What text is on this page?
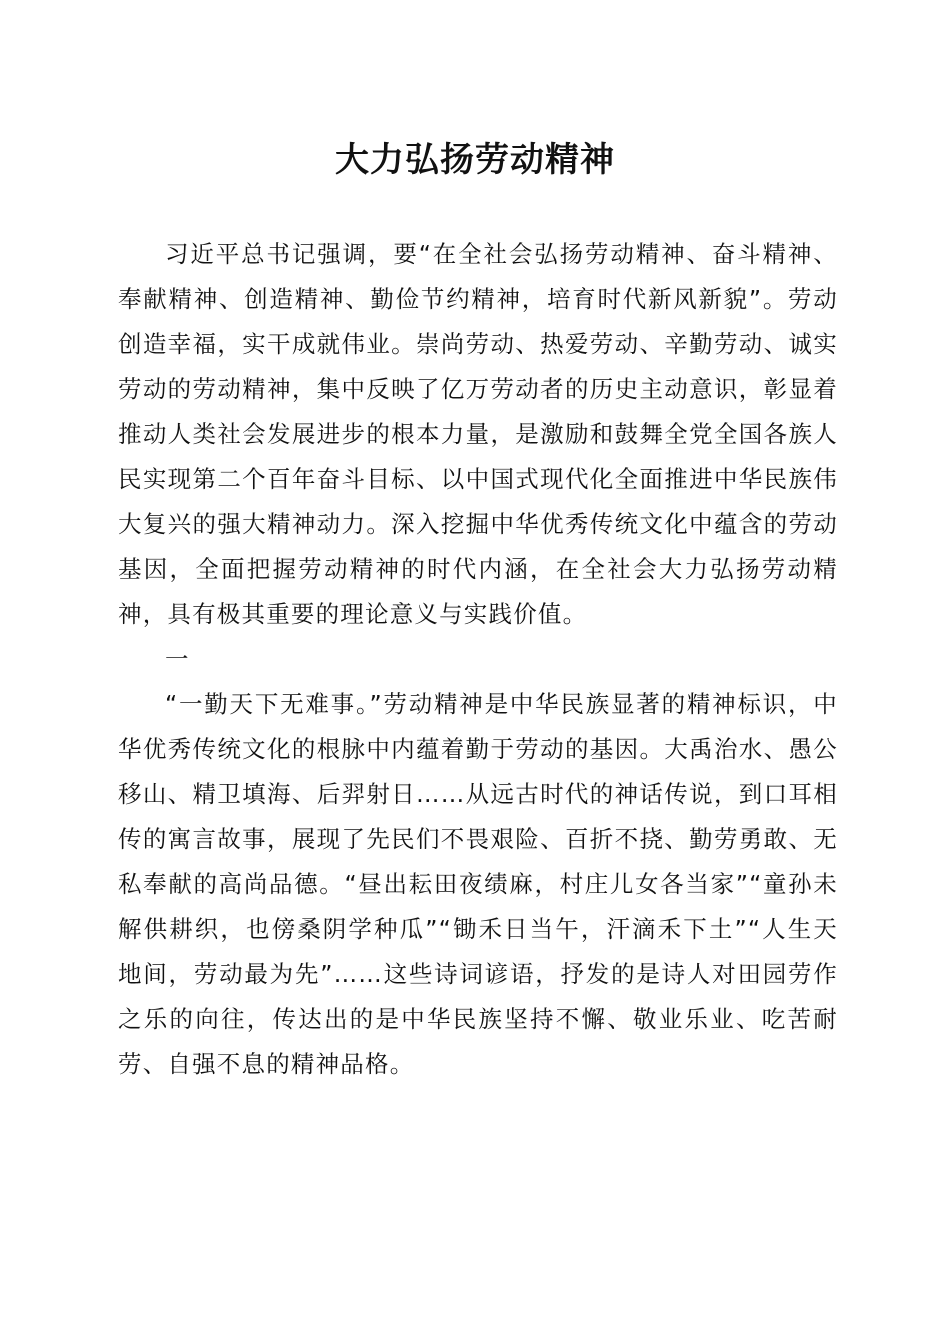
大力弘扬劳动精神

习近平总书记强调，要“在全社会弘扬劳动精神、奋斗精神、奉献精神、创造精神、勤俭节约精神，培育时代新风新貌”。劳动创造幸福，实干成就伟业。崇尚劳动、热爱劳动、辛勤劳动、诚实劳动的劳动精神，集中反映了亿万劳动者的历史主动意识，彰显着推动人类社会发展进步的根本力量，是激励和鼓舞全党全国各族人民实现第二个百年奋斗目标、以中国式现代化全面推进中华民族伟大复兴的强大精神动力。深入挖掘中华优秀传统文化中蕴含的劳动基因，全面把握劳动精神的时代内涵，在全社会大力弘扬劳动精神，具有极其重要的理论意义与实践价值。

一

“一勤天下无难事。”劳动精神是中华民族显著的精神标识，中华优秀传统文化的根脉中内蕴着勤于劳动的基因。大禹治水、愚公移山、精卫填海、后羿射日……从远古时代的神话传说，到口耳相传的寓言故事，展现了先民们不畏艰险、百折不挠、勤劳勇敢、无私奉献的高尚品德。“昼出耘田夜绩麻，村庄儿女各当家”“童孙未解供耕织，也傍桑阴学种瓜”“锄禾日当午，汗滴禾下土”“人生天地间，劳动最为先”……这些诗词谚语，抒发的是诗人对田园劳作之乐的向往，传达出的是中华民族坚持不懈、敬业乐业、吃苦耐劳、自强不息的精神品格。
